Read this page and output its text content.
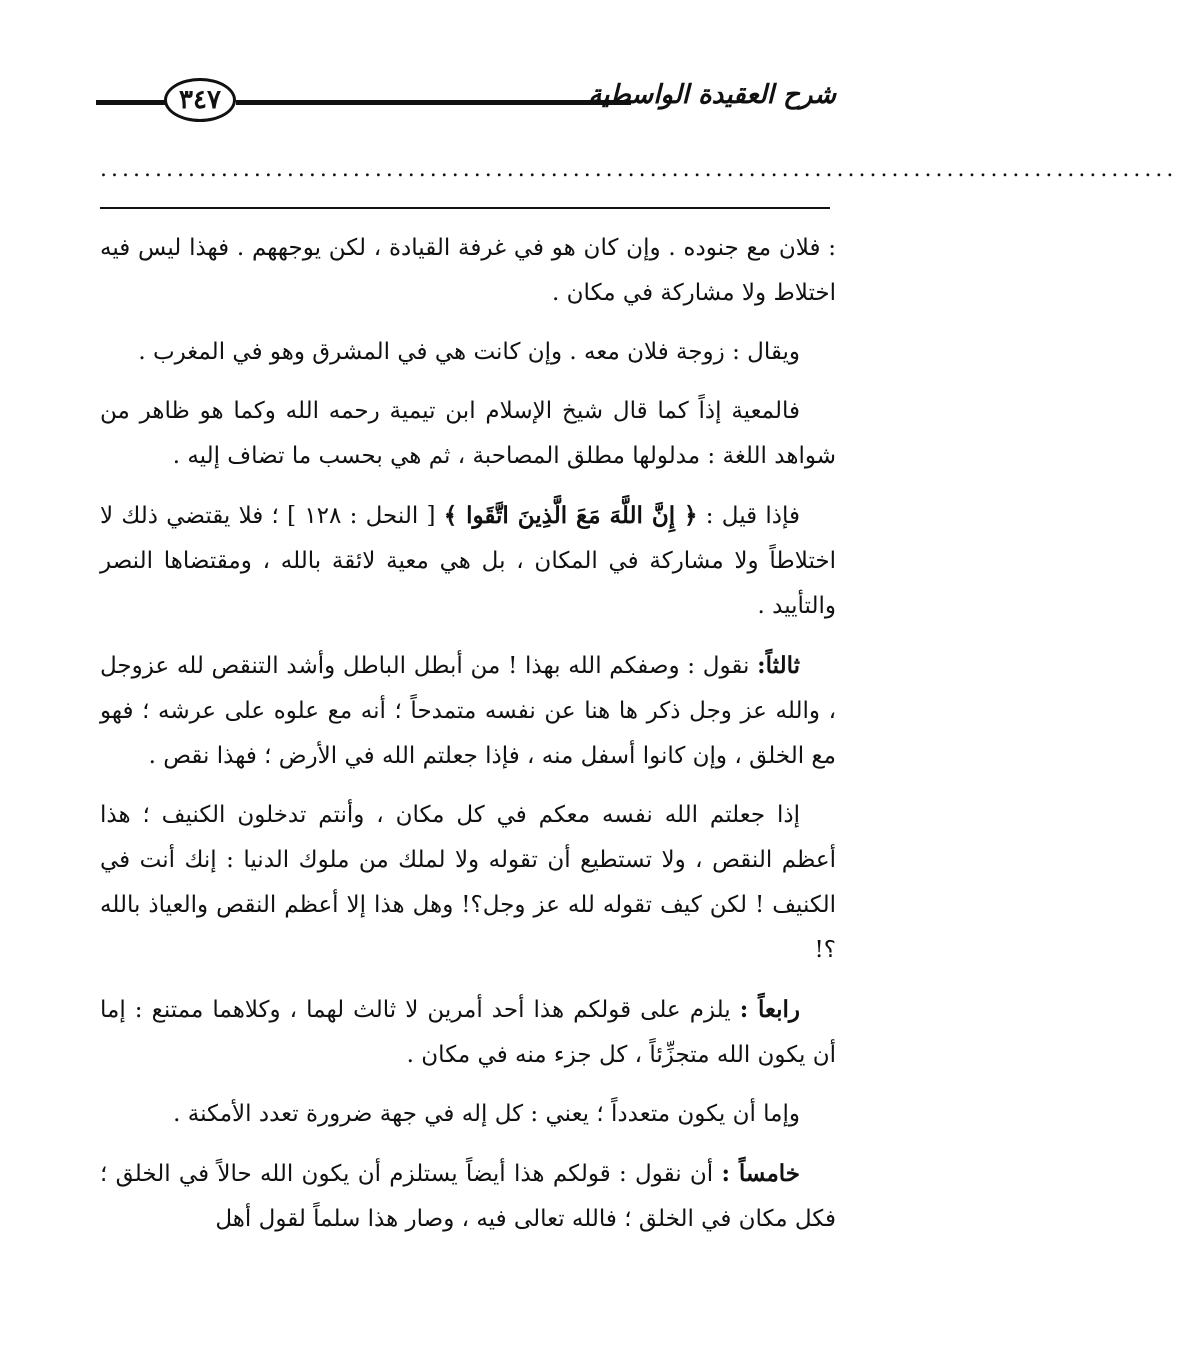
٣٤٧	شرح العقيدة الواسطية
..................................................................................................

: فلان مع جنوده . وإن كان هو في غرفة القيادة ، لكن يوجههم . فهذا ليس فيه اختلاط ولا مشاركة في مكان .

ويقال : زوجة فلان معه . وإن كانت هي في المشرق وهو في المغرب .

فالمعية إذاً كما قال شيخ الإسلام ابن تيمية رحمه الله وكما هو ظاهر من شواهد اللغة : مدلولها مطلق المصاحبة ، ثم هي بحسب ما تضاف إليه .

فإذا قيل : ﴿ إِنَّ اللَّهَ مَعَ الَّذِينَ اتَّقَوا ﴾ [ النحل : ١٢٨ ] ؛ فلا يقتضي ذلك لا اختلاطاً ولا مشاركة في المكان ، بل هي معية لائقة بالله ، ومقتضاها النصر والتأييد .

ثالثاً: نقول : وصفكم الله بهذا ! من أبطل الباطل وأشد التنقص لله عزوجل ، والله عز وجل ذكر ها هنا عن نفسه متمدحاً ؛ أنه مع علوه على عرشه ؛ فهو مع الخلق ، وإن كانوا أسفل منه ، فإذا جعلتم الله في الأرض ؛ فهذا نقص .

إذا جعلتم الله نفسه معكم في كل مكان ، وأنتم تدخلون الكنيف ؛ هذا أعظم النقص ، ولا تستطيع أن تقوله ولا لملك من ملوك الدنيا : إنك أنت في الكنيف ! لكن كيف تقوله لله عز وجل؟! وهل هذا إلا أعظم النقص والعياذ بالله ؟!

رابعاً : يلزم على قولكم هذا أحد أمرين لا ثالث لهما ، وكلاهما ممتنع : إما أن يكون الله متجزِّئاً ، كل جزء منه في مكان .

وإما أن يكون متعدداً ؛ يعني : كل إله في جهة ضرورة تعدد الأمكنة .

خامساً : أن نقول : قولكم هذا أيضاً يستلزم أن يكون الله حالاً في الخلق ؛ فكل مكان في الخلق ؛ فالله تعالى فيه ، وصار هذا سلماً لقول أهل
